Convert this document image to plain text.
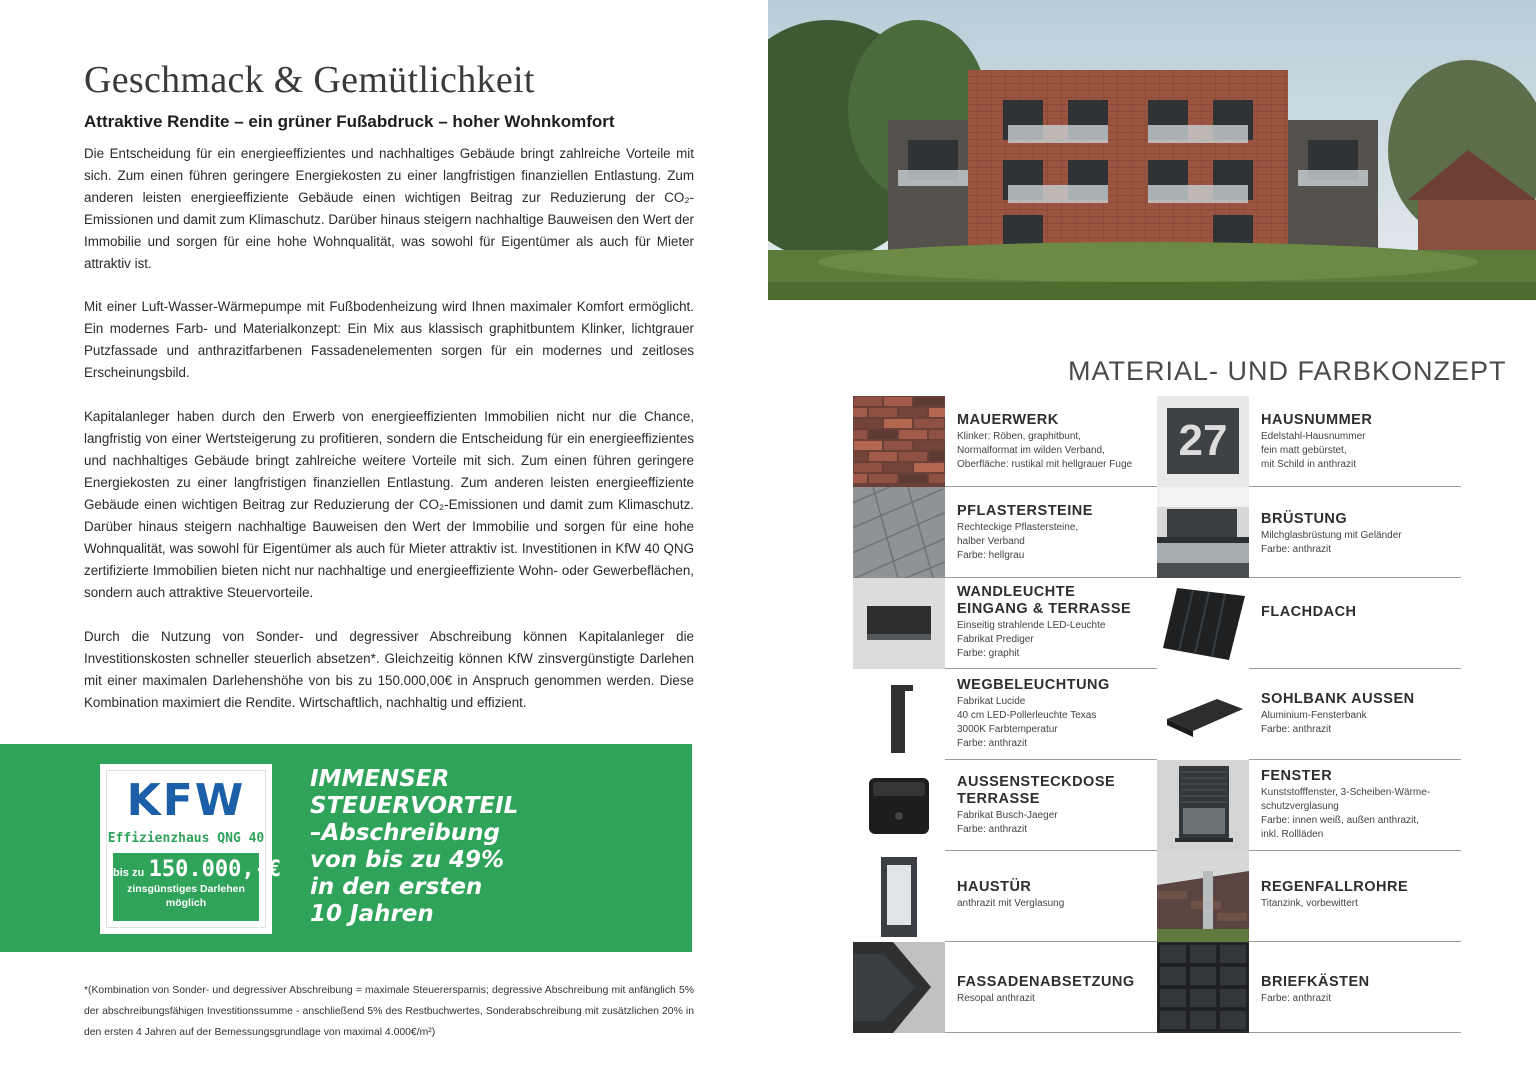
Geschmack & Gemütlichkeit
Attraktive Rendite – ein grüner Fußabdruck – hoher Wohnkomfort

Die Entscheidung für ein energieeffizientes und nachhaltiges Gebäude bringt zahlreiche Vorteile mit sich. Zum einen führen geringere Energiekosten zu einer langfristigen finanziellen Entlastung. Zum anderen leisten energieeffiziente Gebäude einen wichtigen Beitrag zur Reduzierung der CO₂-Emissionen und damit zum Klimaschutz. Darüber hinaus steigern nachhaltige Bauweisen den Wert der Immobilie und sorgen für eine hohe Wohnqualität, was sowohl für Eigentümer als auch für Mieter attraktiv ist.

Mit einer Luft-Wasser-Wärmepumpe mit Fußbodenheizung wird Ihnen maximaler Komfort ermöglicht. Ein modernes Farb- und Materialkonzept: Ein Mix aus klassisch graphitbuntem Klinker, lichtgrauer Putzfassade und anthrazitfarbenen Fassadenelementen sorgen für ein modernes und zeitloses Erscheinungsbild.

Kapitalanleger haben durch den Erwerb von energieeffizienten Immobilien nicht nur die Chance, langfristig von einer Wertsteigerung zu profitieren, sondern die Entscheidung für ein energieeffizientes und nachhaltiges Gebäude bringt zahlreiche weitere Vorteile mit sich. Zum einen führen geringere Energiekosten zu einer langfristigen finanziellen Entlastung. Zum anderen leisten energieeffiziente Gebäude einen wichtigen Beitrag zur Reduzierung der CO₂-Emissionen und damit zum Klimaschutz. Darüber hinaus steigern nachhaltige Bauweisen den Wert der Immobilie und sorgen für eine hohe Wohnqualität, was sowohl für Eigentümer als auch für Mieter attraktiv ist. Investitionen in KfW 40 QNG zertifizierte Immobilien bieten nicht nur nachhaltige und energieeffiziente Wohn- oder Gewerbeflächen, sondern auch attraktive Steuervorteile.

Durch die Nutzung von Sonder- und degressiver Abschreibung können Kapitalanleger die Investitionskosten schneller steuerlich absetzen*. Gleichzeitig können KfW zinsvergünstigte Darlehen mit einer maximalen Darlehenshöhe von bis zu 150.000,00€ in Anspruch genommen werden. Diese Kombination maximiert die Rendite. Wirtschaftlich, nachhaltig und effizient.

KFW
Effizienzhaus QNG 40
bis zu 150.000,-€
zinsgünstiges Darlehen
möglich
IMMENSER
STEUERVORTEIL
–Abschreibung
von bis zu 49%
in den ersten
10 Jahren

*(Kombination von Sonder- und degressiver Abschreibung = maximale Steuerersparnis; degressive Abschreibung mit anfänglich 5% der abschreibungsfähigen Investitionssumme - anschließend 5% des Restbuchwertes, Sonderabschreibung mit zusätzlichen 20% in den ersten 4 Jahren auf der Bemessungsgrundlage von maximal 4.000€/m²)

MATERIAL- UND FARBKONZEPT
MAUERWERK
Klinker: Röben, graphitbunt,
Normalformat im wilden Verband,
Oberfläche: rustikal mit hellgrauer Fuge	27	HAUSNUMMER
Edelstahl-Hausnummer
fein matt gebürstet,
mit Schild in anthrazit
PFLASTERSTEINE
Rechteckige Pflastersteine,
halber Verband
Farbe: hellgrau
BRÜSTUNG
Milchglasbrüstung mit Geländer
Farbe: anthrazit
WANDLEUCHTE
EINGANG & TERRASSE
Einseitig strahlende LED-Leuchte
Fabrikat Prediger
Farbe: graphit
FLACHDACH
WEGBELEUCHTUNG
Fabrikat Lucide
40 cm LED-Pollerleuchte Texas
3000K Farbtemperatur
Farbe: anthrazit
SOHLBANK AUSSEN
Aluminium-Fensterbank
Farbe: anthrazit
AUSSENSTECKDOSE
TERRASSE
Fabrikat Busch-Jaeger
Farbe: anthrazit
FENSTER
Kunststofffenster, 3-Scheiben-Wärme-
schutzverglasung
Farbe: innen weiß, außen anthrazit,
inkl. Rollläden
HAUSTÜR
anthrazit mit Verglasung
REGENFALLROHRE
Titanzink, vorbewittert
FASSADENABSETZUNG
Resopal anthrazit
BRIEFKÄSTEN
Farbe: anthrazit
